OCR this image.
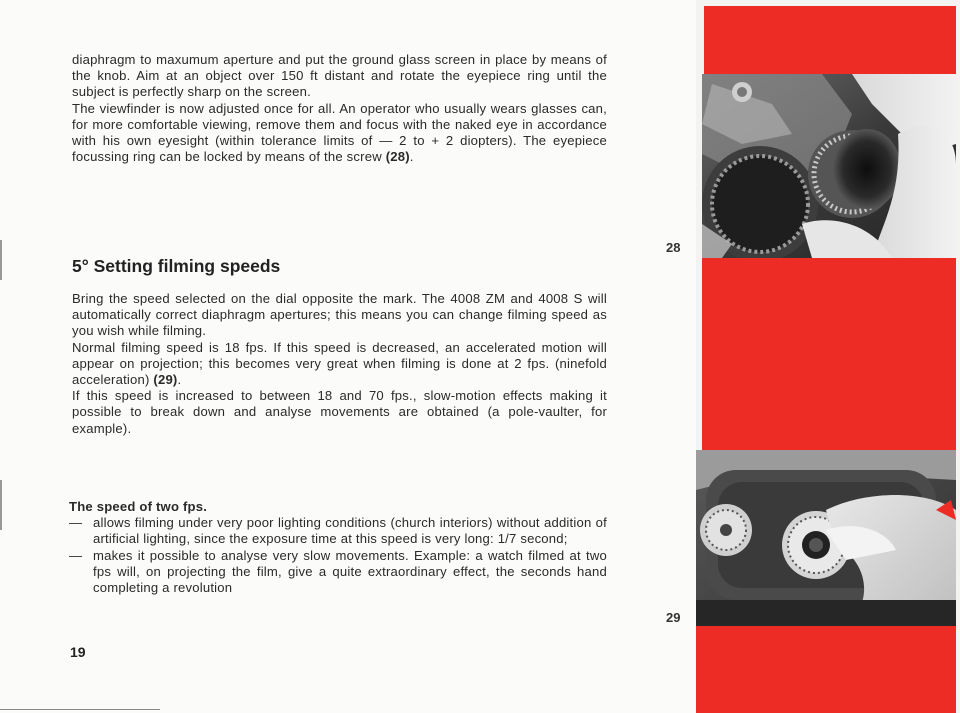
diaphragm to maxumum aperture and put the ground glass screen in place by means of the knob. Aim at an object over 150 ft distant and rotate the eyepiece ring until the subject is perfectly sharp on the screen.

The viewfinder is now adjusted once for all. An operator who usually wears glasses can, for more comfortable viewing, remove them and focus with the naked eye in accordance with his own eyesight (within tolerance limits of — 2 to + 2 diopters). The eyepiece focussing ring can be locked by means of the screw (28).

5° Setting filming speeds

Bring the speed selected on the dial opposite the mark. The 4008 ZM and 4008 S will automatically correct diaphragm apertures; this means you can change filming speed as you wish while filming.

Normal filming speed is 18 fps. If this speed is decreased, an accelerated motion will appear on projection; this becomes very great when filming is done at 2 fps. (ninefold acceleration) (29).

If this speed is increased to between 18 and 70 fps., slow-motion effects making it possible to break down and analyse movements are obtained (a pole-vaulter, for example).

The speed of two fps.

— allows filming under very poor lighting conditions (church interiors) without addition of artificial lighting, since the exposure time at this speed is very long: 1/7 second;

— makes it possible to analyse very slow movements. Example: a watch filmed at two fps will, on projecting the film, give a quite extraordinary effect, the seconds hand completing a revolution

19
28
29
